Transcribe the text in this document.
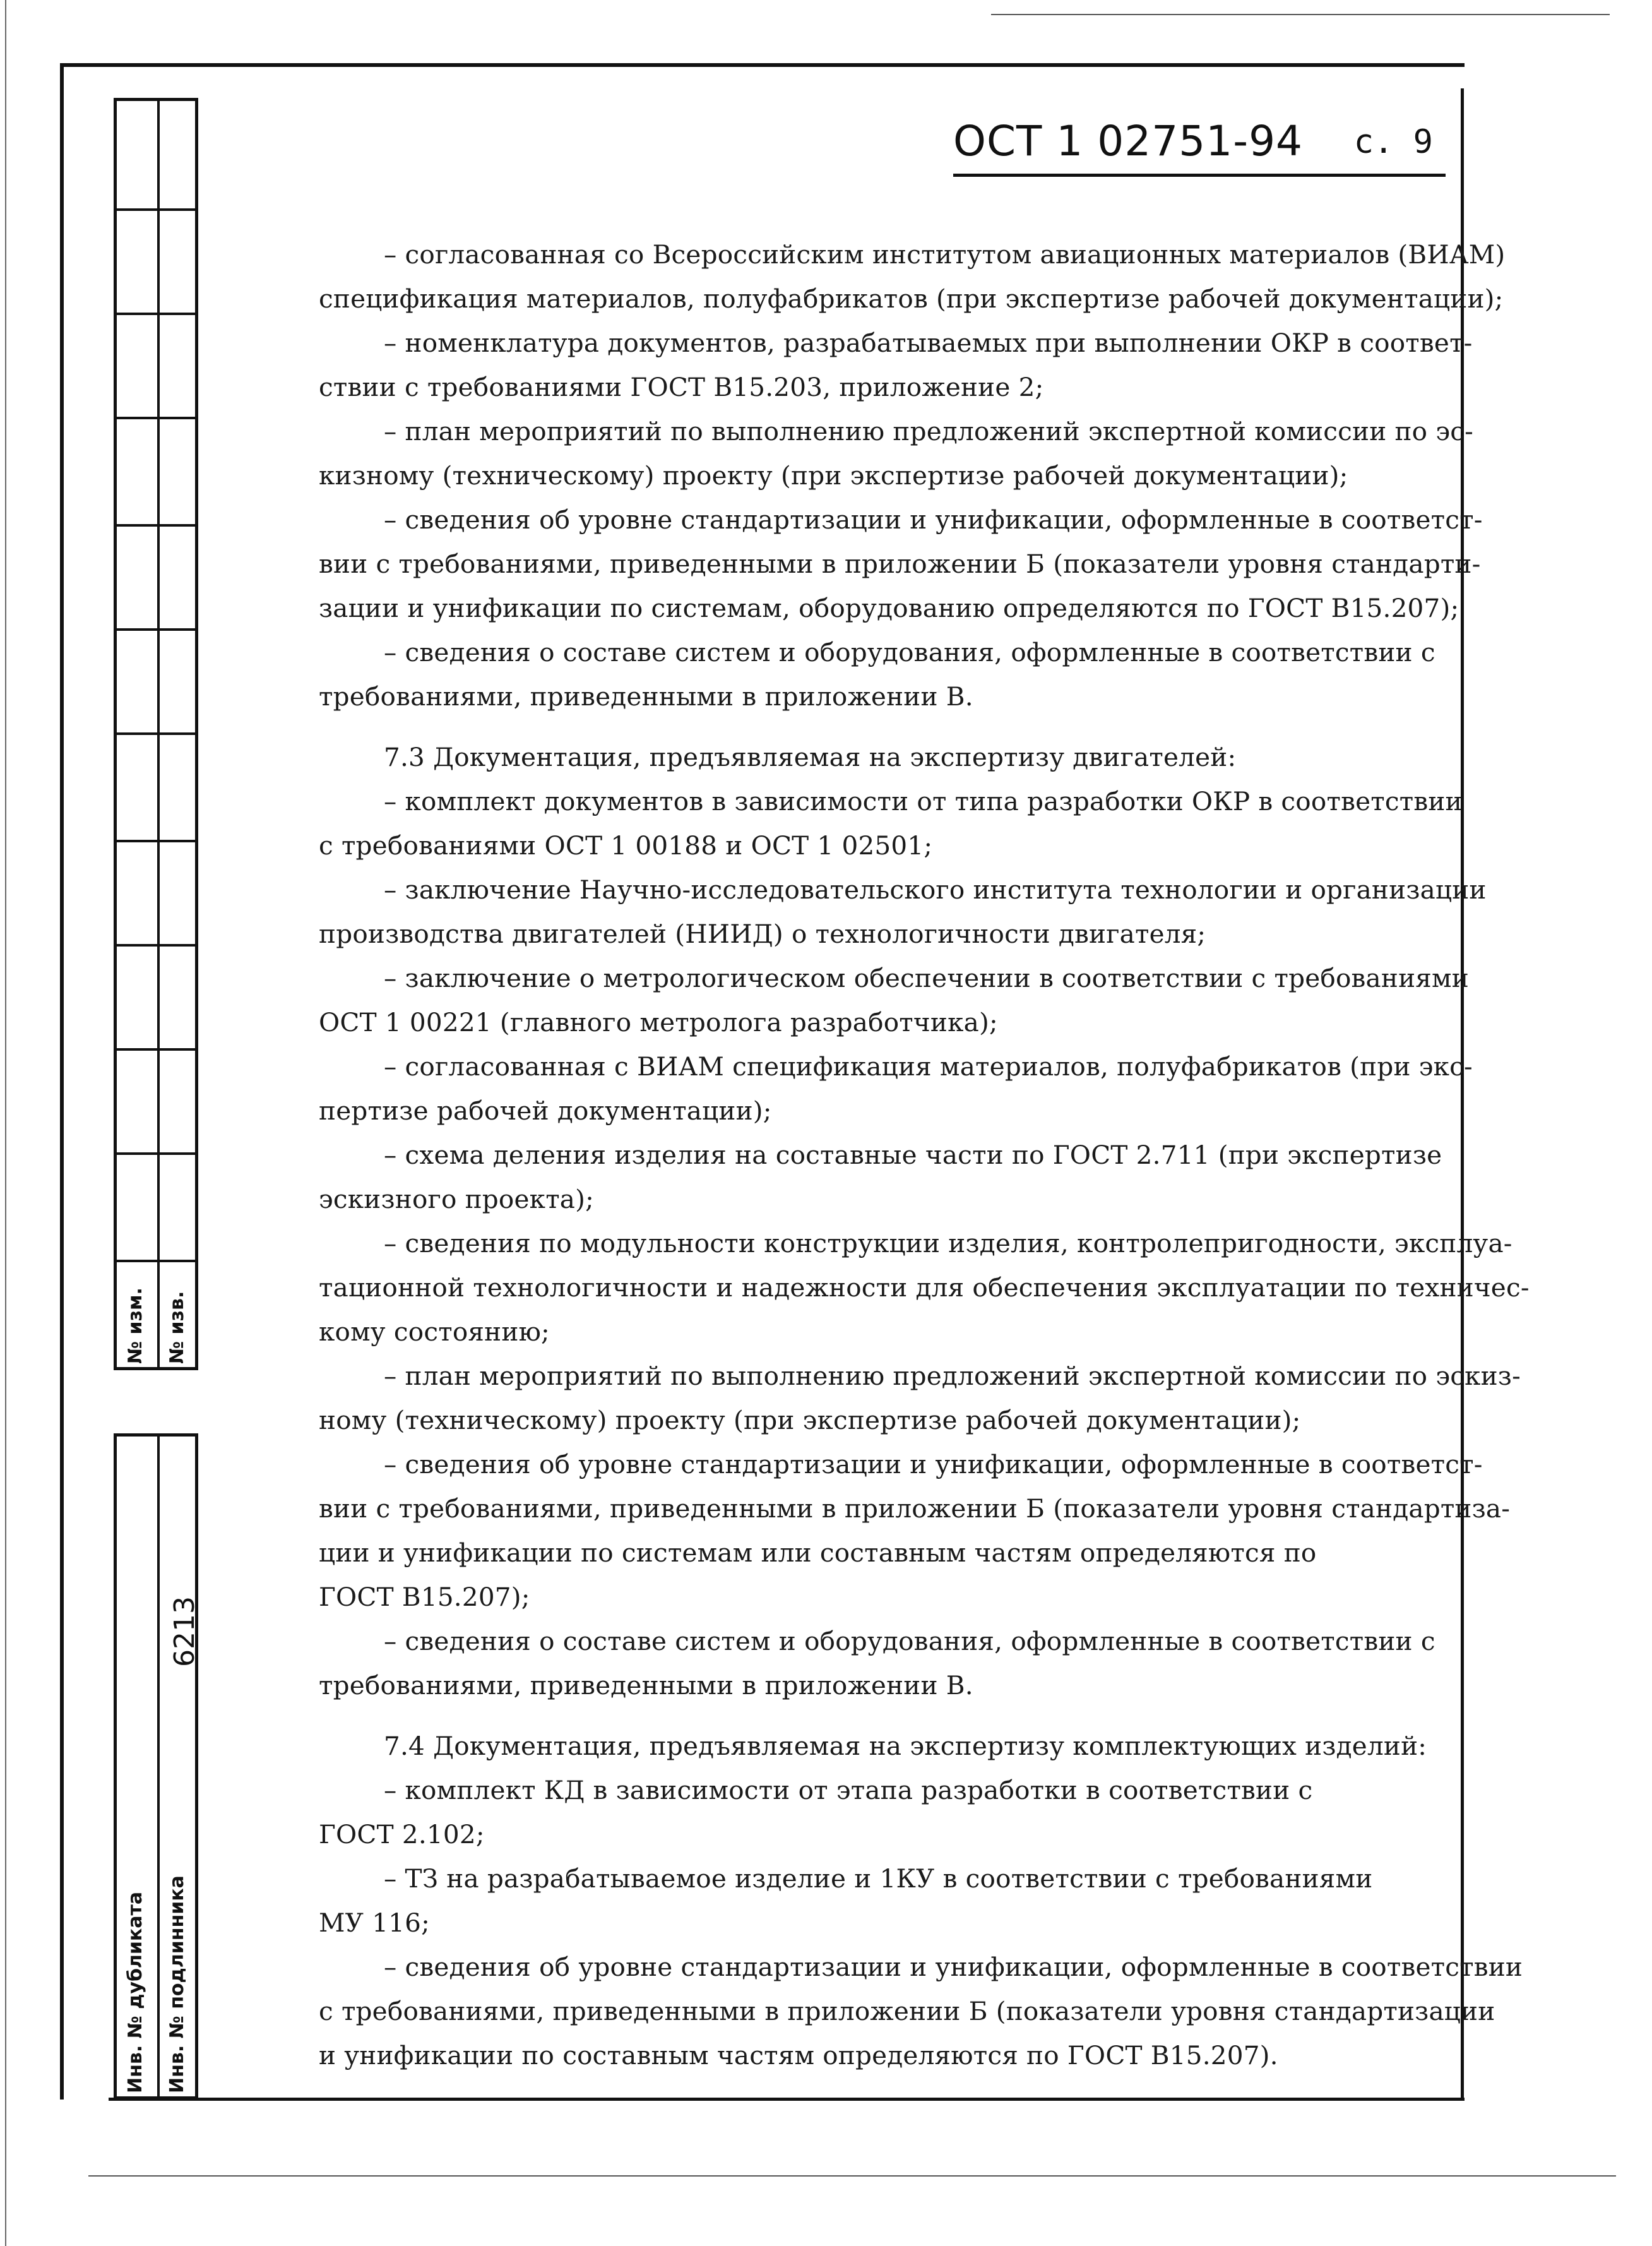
№ изм. № изв.
Инв. № дубликата Инв. № подлинника
6213
ОСТ 1 02751-94 с. 9
– согласованная со Всероссийским институтом авиационных материалов (ВИАМ)
спецификация материалов, полуфабрикатов (при экспертизе рабочей документации);
– номенклатура документов, разрабатываемых при выполнении ОКР в соответ-
ствии с требованиями ГОСТ В15.203, приложение 2;
– план мероприятий по выполнению предложений экспертной комиссии по эс-
кизному (техническому) проекту (при экспертизе рабочей документации);
– сведения об уровне стандартизации и унификации, оформленные в соответст-
вии с требованиями, приведенными в приложении Б (показатели уровня стандарти-
зации и унификации по системам, оборудованию определяются по ГОСТ В15.207);
– сведения о составе систем и оборудования, оформленные в соответствии с
требованиями, приведенными в приложении В.
7.3 Документация, предъявляемая на экспертизу двигателей:
– комплект документов в зависимости от типа разработки ОКР в соответствии
с требованиями ОСТ 1 00188 и ОСТ 1 02501;
– заключение Научно-исследовательского института технологии и организации
производства двигателей (НИИД) о технологичности двигателя;
– заключение о метрологическом обеспечении в соответствии с требованиями
ОСТ 1 00221 (главного метролога разработчика);
– согласованная с ВИАМ спецификация материалов, полуфабрикатов (при экс-
пертизе рабочей документации);
– схема деления изделия на составные части по ГОСТ 2.711 (при экспертизе
эскизного проекта);
– сведения по модульности конструкции изделия, контролепригодности, эксплуа-
тационной технологичности и надежности для обеспечения эксплуатации по техничес-
кому состоянию;
– план мероприятий по выполнению предложений экспертной комиссии по эскиз-
ному (техническому) проекту (при экспертизе рабочей документации);
– сведения об уровне стандартизации и унификации, оформленные в соответст-
вии с требованиями, приведенными в приложении Б (показатели уровня стандартиза-
ции и унификации по системам или составным частям определяются по
ГОСТ В15.207);
– сведения о составе систем и оборудования, оформленные в соответствии с
требованиями, приведенными в приложении В.
7.4 Документация, предъявляемая на экспертизу комплектующих изделий:
– комплект КД в зависимости от этапа разработки в соответствии с
ГОСТ 2.102;
– ТЗ на разрабатываемое изделие и 1КУ в соответствии с требованиями
МУ 116;
– сведения об уровне стандартизации и унификации, оформленные в соответствии
с требованиями, приведенными в приложении Б (показатели уровня стандартизации
и унификации по составным частям определяются по ГОСТ В15.207).
